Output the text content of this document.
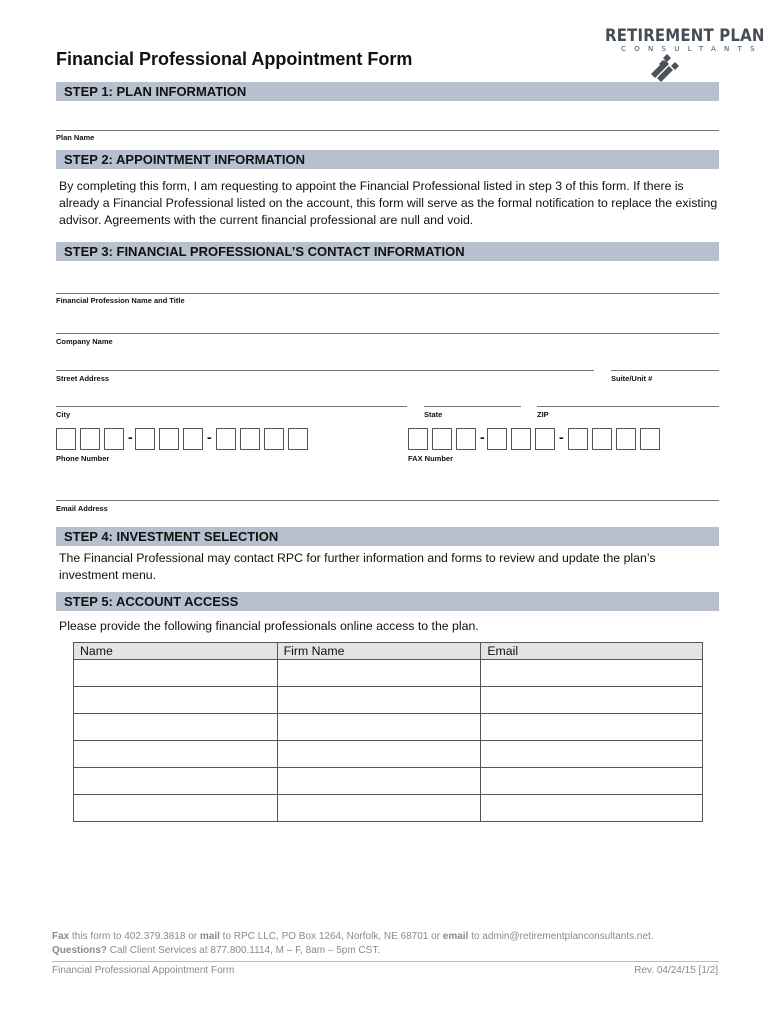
RETIREMENT PLAN
CONSULTANTS
Financial Professional Appointment Form
STEP 1: PLAN INFORMATION
Plan Name
STEP 2: APPOINTMENT INFORMATION
By completing this form, I am requesting to appoint the Financial Professional listed in step 3 of this form. If there is already a Financial Professional listed on the account, this form will serve as the formal notification to replace the existing advisor. Agreements with the current financial professional are null and void.
STEP 3: FINANCIAL PROFESSIONAL’S CONTACT INFORMATION
Financial Profession Name and Title
Company Name
Street Address	Suite/Unit #
City	State	ZIP
-	-
Phone Number
-	-
FAX Number
Email Address
STEP 4: INVESTMENT SELECTION
The Financial Professional may contact RPC for further information and forms to review and update the plan’s investment menu.
STEP 5: ACCOUNT ACCESS
Please provide the following financial professionals online access to the plan.
Name	Firm Name	Email

Fax this form to 402.379.3818 or mail to RPC LLC, PO Box 1264, Norfolk, NE 68701 or email to admin@retirementplanconsultants.net.
Questions? Call Client Services at 877.800.1114, M – F, 8am – 5pm CST.
Financial Professional Appointment Form	Rev. 04/24/15 [1/2]
